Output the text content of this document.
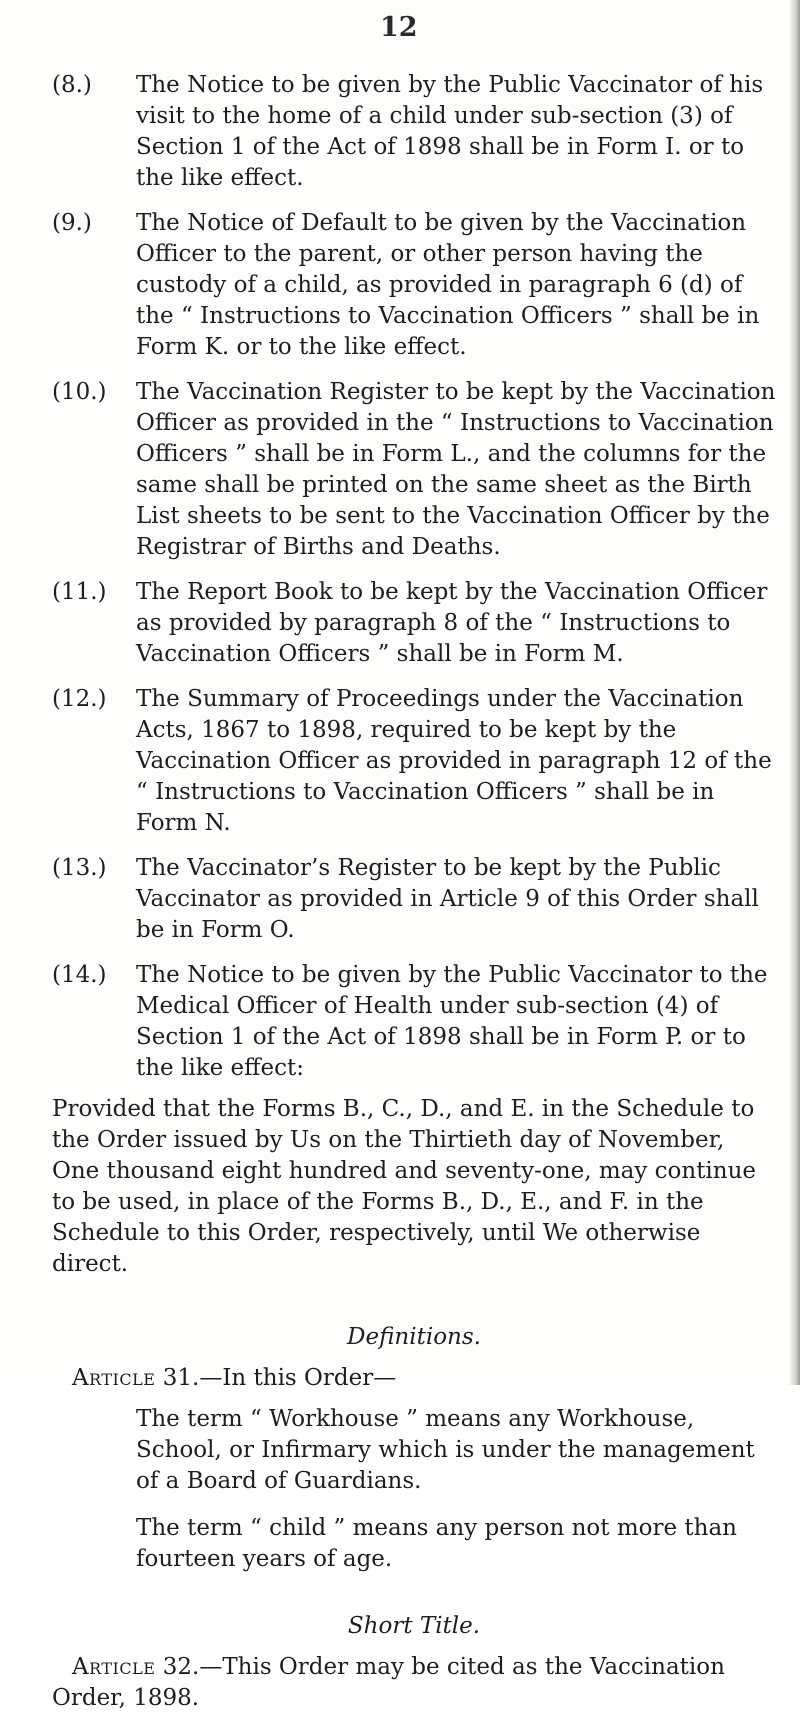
12
(8.) The Notice to be given by the Public Vaccinator of his visit to the home of a child under sub-section (3) of Section 1 of the Act of 1898 shall be in Form I. or to the like effect.
(9.) The Notice of Default to be given by the Vaccination Officer to the parent, or other person having the custody of a child, as provided in paragraph 6 (d) of the “ Instructions to Vaccination Officers ” shall be in Form K. or to the like effect.
(10.) The Vaccination Register to be kept by the Vaccination Officer as provided in the “ Instructions to Vaccination Officers ” shall be in Form L., and the columns for the same shall be printed on the same sheet as the Birth List sheets to be sent to the Vaccination Officer by the Registrar of Births and Deaths.
(11.) The Report Book to be kept by the Vaccination Officer as provided by paragraph 8 of the “ Instructions to Vaccination Officers ” shall be in Form M.
(12.) The Summary of Proceedings under the Vaccination Acts, 1867 to 1898, required to be kept by the Vaccination Officer as provided in paragraph 12 of the “ Instructions to Vaccination Officers ” shall be in Form N.
(13.) The Vaccinator’s Register to be kept by the Public Vaccinator as provided in Article 9 of this Order shall be in Form O.
(14.) The Notice to be given by the Public Vaccinator to the Medical Officer of Health under sub-section (4) of Section 1 of the Act of 1898 shall be in Form P. or to the like effect:
Provided that the Forms B., C., D., and E. in the Schedule to the Order issued by Us on the Thirtieth day of November, One thousand eight hundred and seventy-one, may continue to be used, in place of the Forms B., D., E., and F. in the Schedule to this Order, respectively, until We otherwise direct.
Definitions.
Article 31.—In this Order—
The term “ Workhouse ” means any Workhouse, School, or Infirmary which is under the management of a Board of Guardians.
The term “ child ” means any person not more than fourteen years of age.
Short Title.
Article 32.—This Order may be cited as the Vaccination Order, 1898.
